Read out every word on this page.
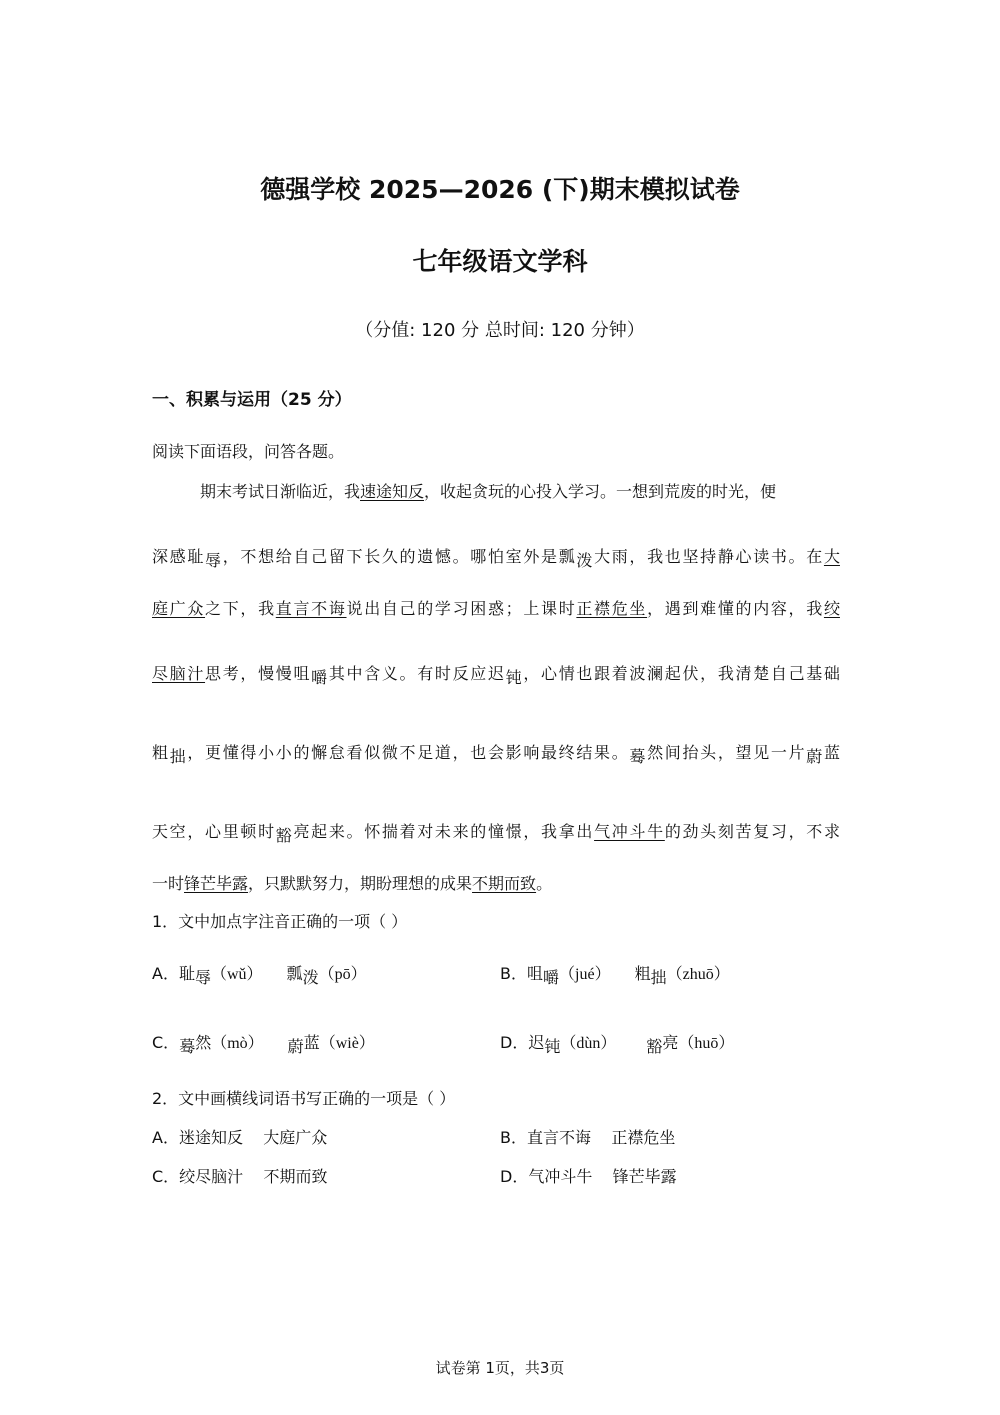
德强学校 2025—2026 (下)期末模拟试卷
七年级语文学科
（分值: 120 分 总时间: 120 分钟）
一、积累与运用（25 分）
阅读下面语段，问答各题。
期末考试日渐临近，我速途知反，收起贪玩的心投入学习。一想到荒废的时光，便
深感耻辱，不想给自己留下长久的遗憾。哪怕室外是瓢泼大雨，我也坚持静心读书。在大
庭广众之下，我直言不诲说出自己的学习困惑；上课时正襟危坐，遇到难懂的内容，我绞
尽脑汁思考，慢慢咀嚼其中含义。有时反应迟钝，心情也跟着波澜起伏，我清楚自己基础
粗拙，更懂得小小的懈怠看似微不足道，也会影响最终结果。蓦然间抬头，望见一片蔚蓝
天空，心里顿时豁亮起来。怀揣着对未来的憧憬，我拿出气冲斗牛的劲头刻苦复习，不求
一时锋芒毕露，只默默努力，期盼理想的成果不期而致。
1．文中加点字注音正确的一项（ ）
A．耻辱（wǔ） 瓢泼（pō）	B．咀嚼（jué） 粗拙（zhuō）
C．蓦然（mò） 蔚蓝（wiè）	D．迟钝（dùn） 豁亮（huō）
2．文中画横线词语书写正确的一项是（ ）
A．迷途知反    大庭广众	B．直言不诲    正襟危坐
C．绞尽脑汁    不期而致	D．气冲斗牛    锋芒毕露
试卷第 1页，共3页
